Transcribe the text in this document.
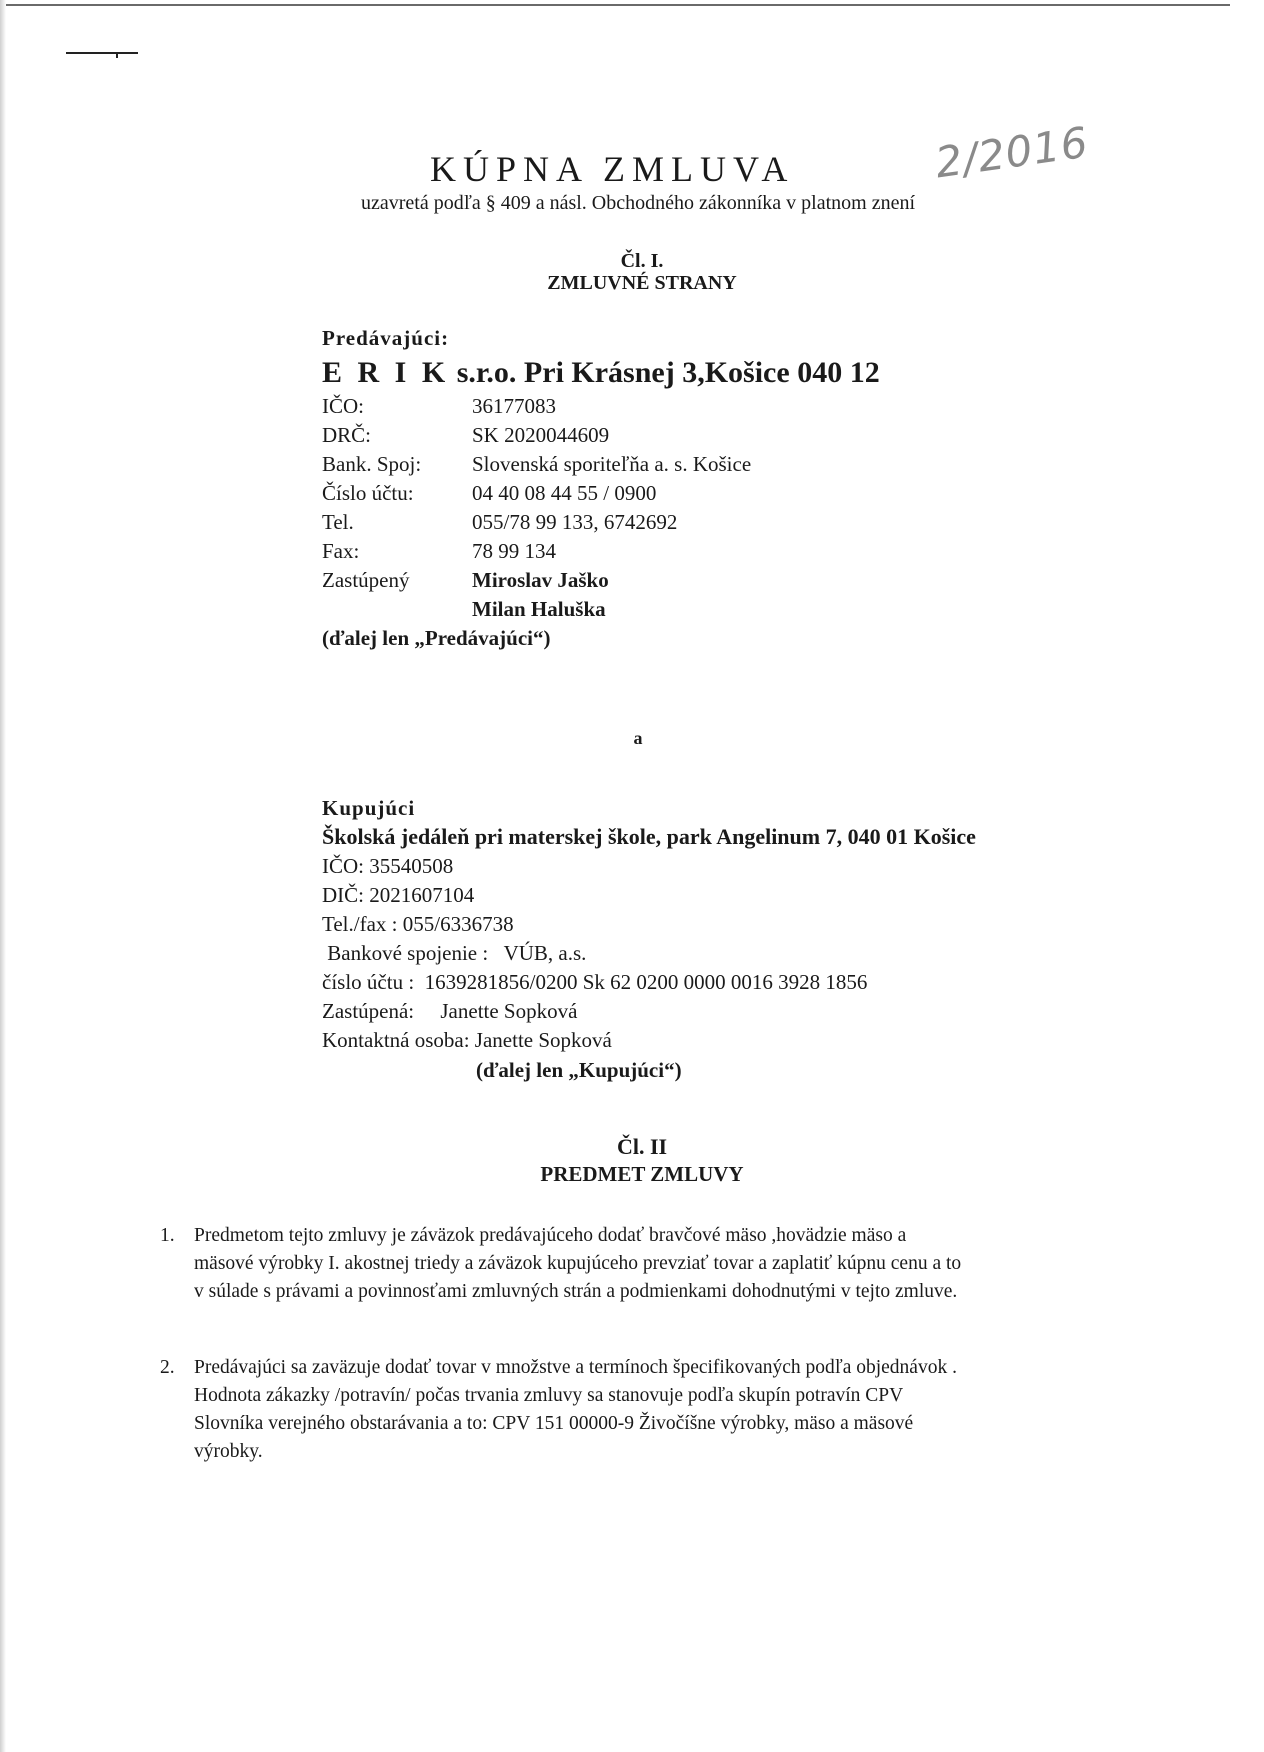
KÚPNA ZMLUVA	2/2016
uzavretá podľa § 409 a násl. Obchodného zákonníka v platnom znení
Čl. I.
ZMLUVNÉ STRANY
Predávajúci:
E R I K s.r.o. Pri Krásnej 3,Košice 040 12
IČO:	36177083
DRČ:	SK 2020044609
Bank. Spoj: Slovenská sporiteľňa a. s. Košice
Číslo účtu:	04 40 08 44 55 / 0900
Tel.	055/78 99 133, 6742692
Fax:	78 99 134
Zastúpený	Miroslav Jaško
Milan Haluška
(ďalej len „Predávajúci“)
a
Kupujúci
Školská jedáleň pri materskej škole, park Angelinum 7, 040 01 Košice
IČO: 35540508
DIČ: 2021607104
Tel./fax : 055/6336738
Bankové spojenie :   VÚB, a.s.
číslo účtu :  1639281856/0200 Sk 62 0200 0000 0016 3928 1856
Zastúpená:     Janette Sopková
Kontaktná osoba: Janette Sopková
(ďalej len „Kupujúci“)
Čl. II
PREDMET ZMLUVY
1. Predmetom tejto zmluvy je záväzok predávajúceho dodať bravčové mäso ,hovädzie mäso a
mäsové výrobky I. akostnej triedy a záväzok kupujúceho prevziať tovar a zaplatiť kúpnu cenu a to
v súlade s právami a povinnosťami zmluvných strán a podmienkami dohodnutými v tejto zmluve.
2. Predávajúci sa zaväzuje dodať tovar v množstve a termínoch špecifikovaných podľa objednávok .
Hodnota zákazky /potravín/ počas trvania zmluvy sa stanovuje podľa skupín potravín CPV
Slovníka verejného obstarávania a to: CPV 151 00000-9 Živočíšne výrobky, mäso a mäsové
výrobky.
